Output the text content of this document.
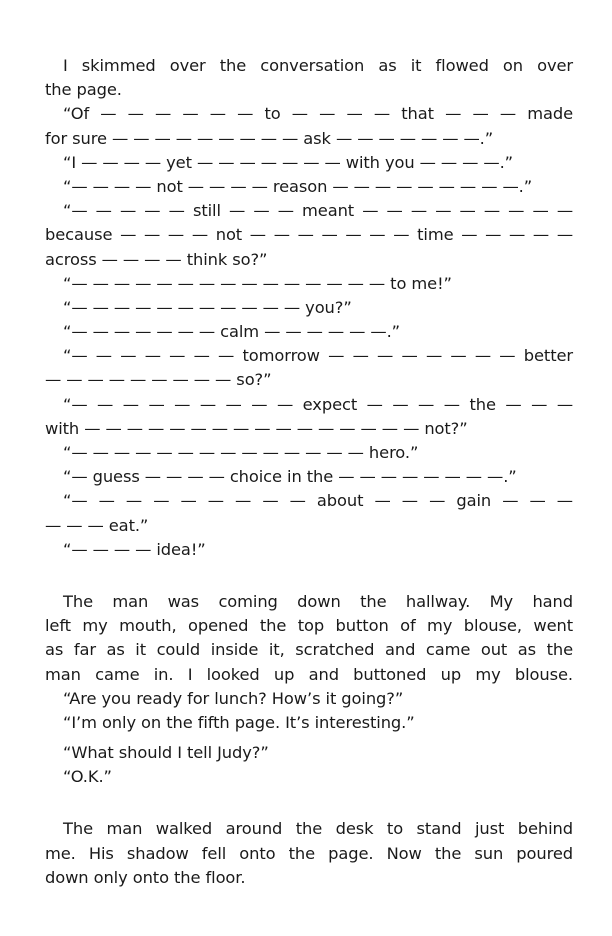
I skimmed over the conversation as it flowed on over
the page.
“Of — — — — — — to — — — — that — — — made
for sure — — — — — — — — — ask — — — — — — —.”
“I — — — — yet — — — — — — — with you — — — —.”
“— — — — not — — — — reason — — — — — — — — —.”
“— — — — — still — — — meant — — — — — — — — —
because — — — — not — — — — — — — time — — — — —
across — — — — think so?”
“— — — — — — — — — — — — — — — to me!”
“— — — — — — — — — — — you?”
“— — — — — — — calm — — — — — —.”
“— — — — — — — tomorrow — — — — — — — — better
— — — — — — — — — so?”
“— — — — — — — — — expect — — — — the — — —
with — — — — — — — — — — — — — — — — not?”
“— — — — — — — — — — — — — — hero.”
“— guess — — — — choice in the — — — — — — — —.”
“— — — — — — — — — about — — — gain — — —
— — — eat.”
“— — — — idea!”
The man was coming down the hallway. My hand
left my mouth, opened the top button of my blouse, went
as far as it could inside it, scratched and came out as the
man came in. I looked up and buttoned up my blouse.
“Are you ready for lunch? How’s it going?”
“I’m only on the fifth page. It’s interesting.”
“What should I tell Judy?”
“O.K.”
The man walked around the desk to stand just behind
me. His shadow fell onto the page. Now the sun poured
down only onto the floor.
